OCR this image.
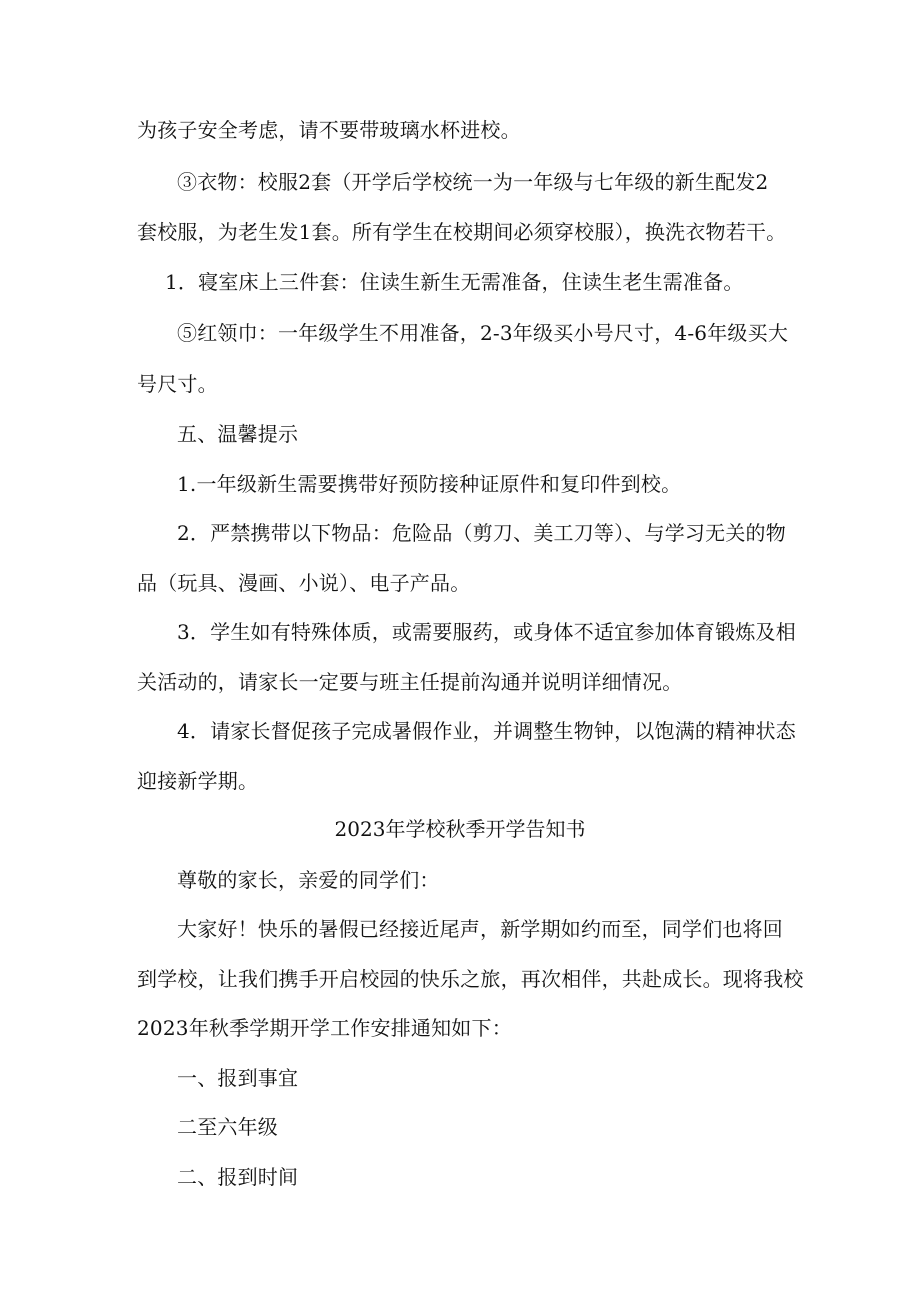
为孩子安全考虑，请不要带玻璃水杯进校。
③衣物：校服2套（开学后学校统一为一年级与七年级的新生配发2
套校服，为老生发1套。所有学生在校期间必须穿校服），换洗衣物若干。
1．寝室床上三件套：住读生新生无需准备，住读生老生需准备。
⑤红领巾：一年级学生不用准备，2-3年级买小号尺寸，4-6年级买大
号尺寸。
五、温馨提示
1.一年级新生需要携带好预防接种证原件和复印件到校。
2．严禁携带以下物品：危险品（剪刀、美工刀等）、与学习无关的物
品（玩具、漫画、小说）、电子产品。
3．学生如有特殊体质，或需要服药，或身体不适宜参加体育锻炼及相
关活动的，请家长一定要与班主任提前沟通并说明详细情况。
4．请家长督促孩子完成暑假作业，并调整生物钟，以饱满的精神状态
迎接新学期。
2023年学校秋季开学告知书
尊敬的家长，亲爱的同学们：
大家好！快乐的暑假已经接近尾声，新学期如约而至，同学们也将回
到学校，让我们携手开启校园的快乐之旅，再次相伴，共赴成长。现将我校
2023年秋季学期开学工作安排通知如下：
一、报到事宜
二至六年级
二、报到时间
